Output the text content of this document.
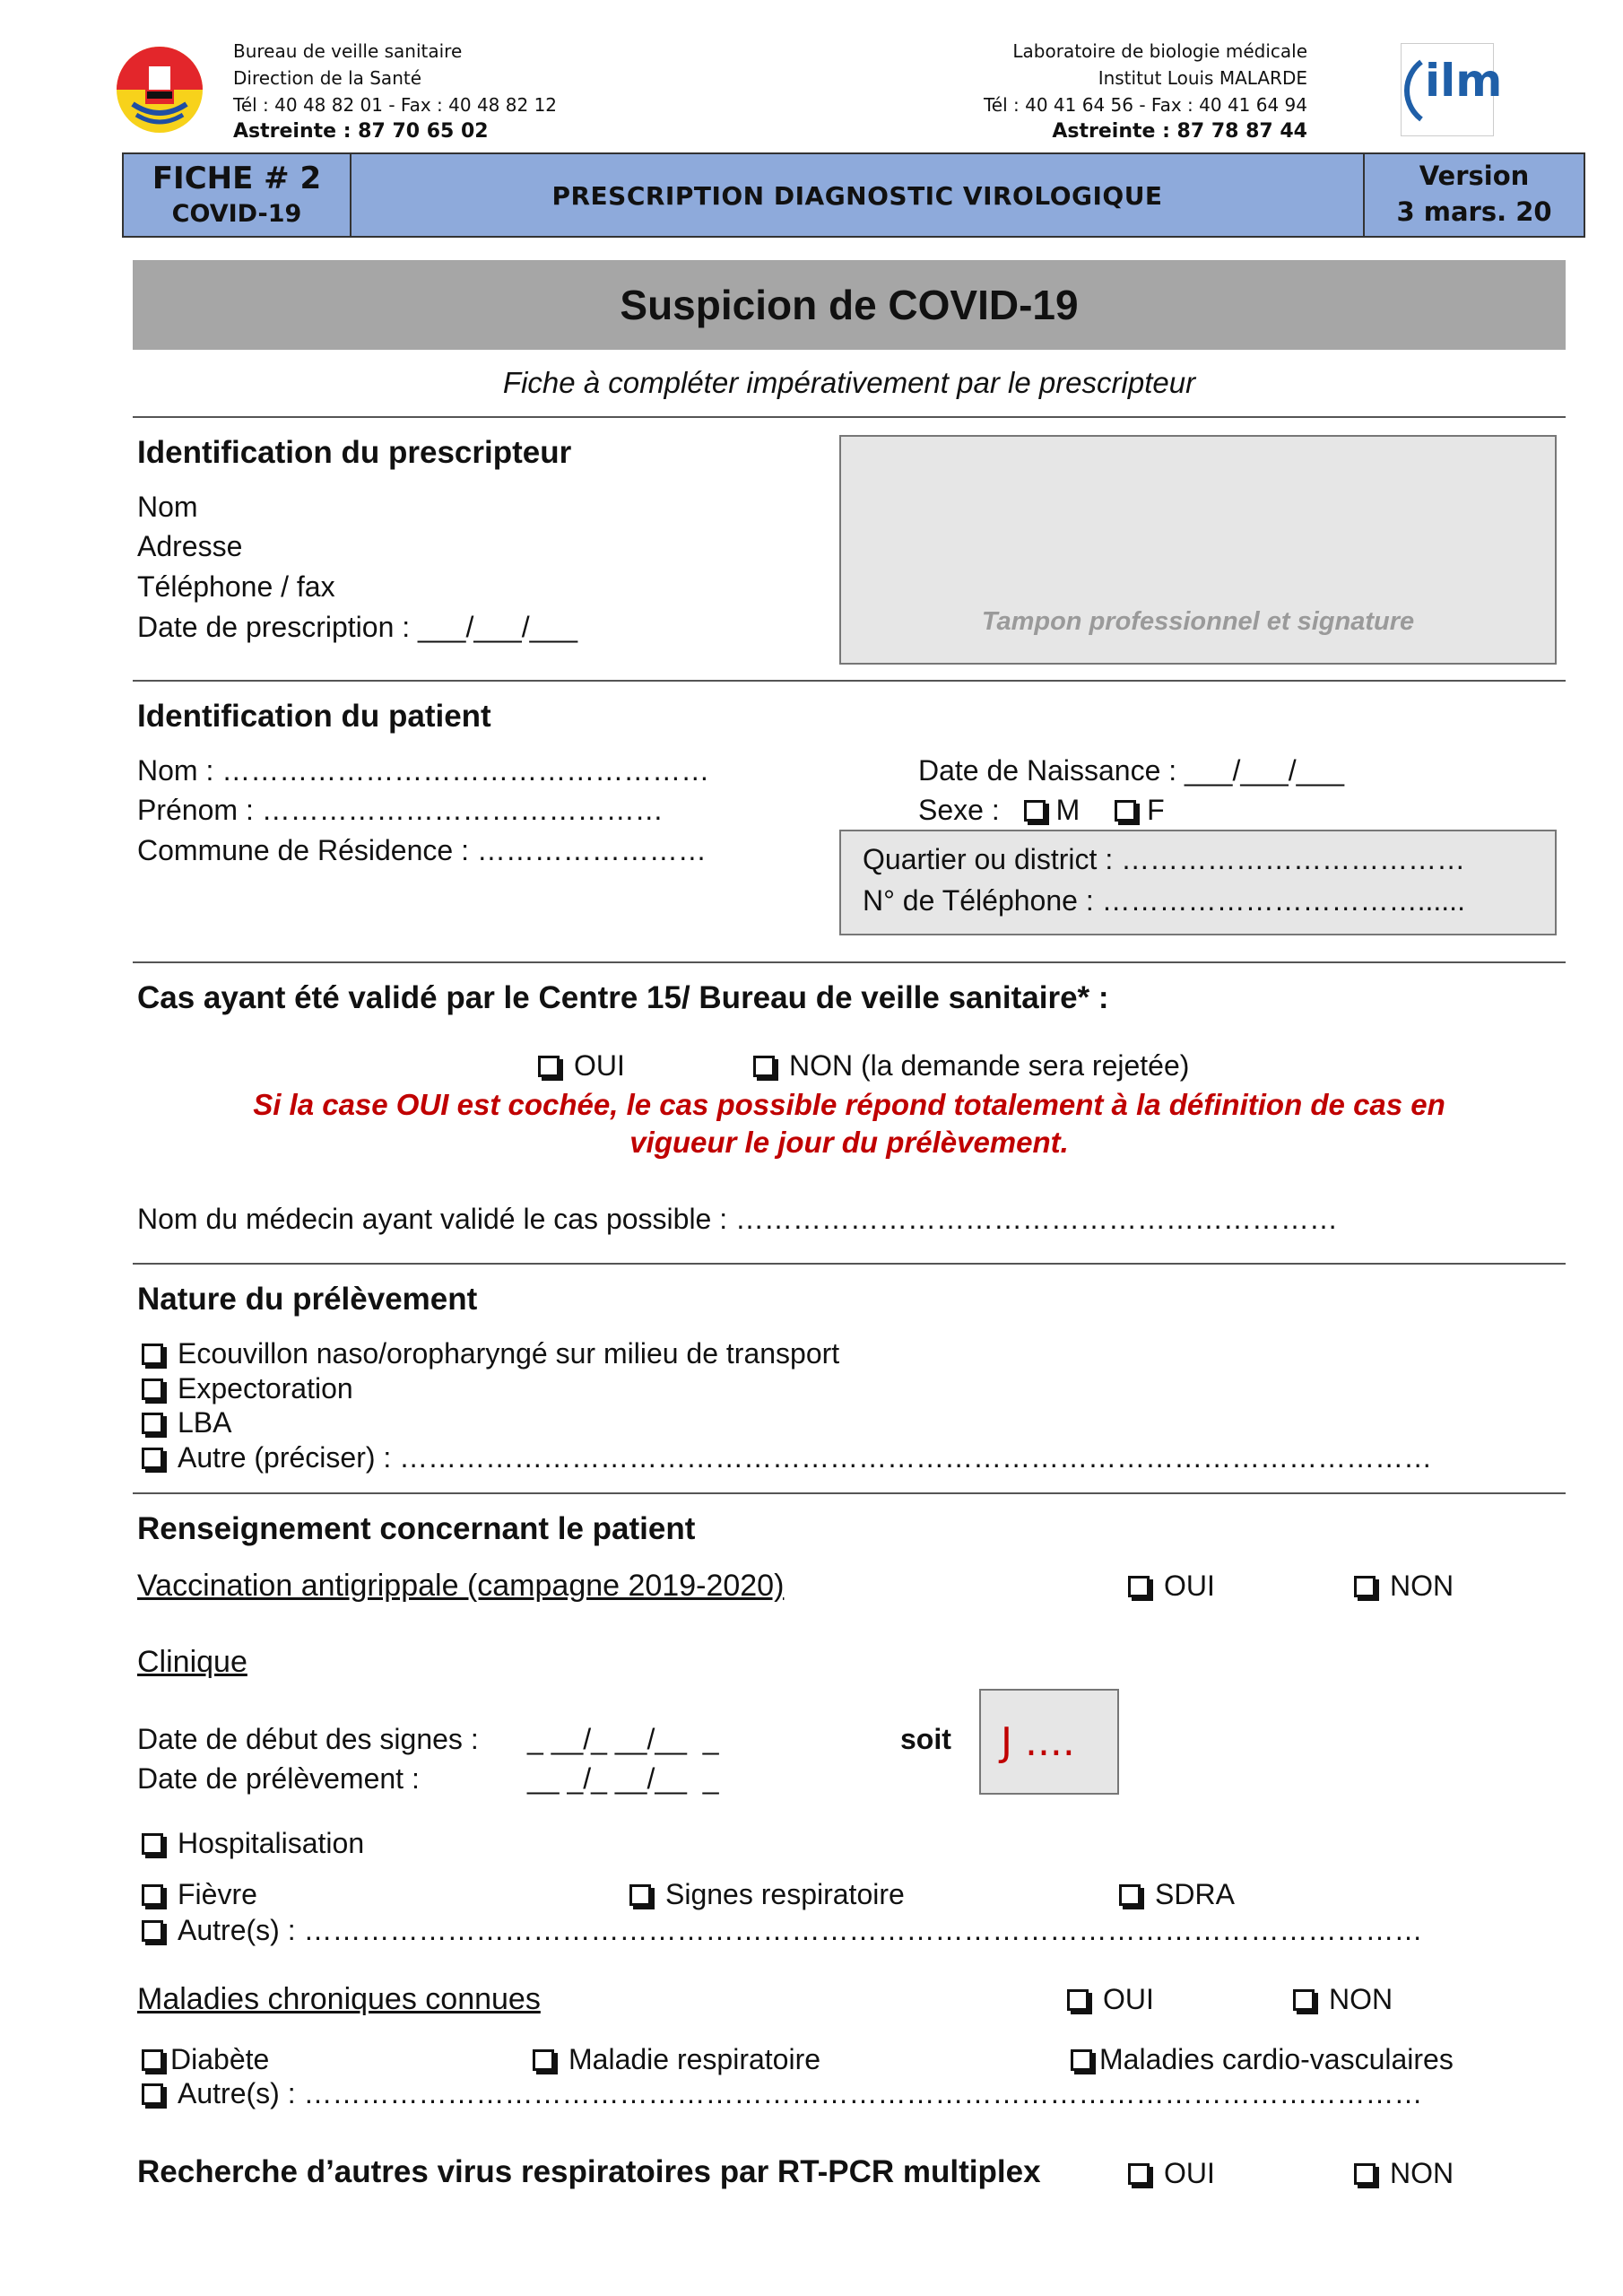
Bureau de veille sanitaire
Direction de la Santé
Tél : 40 48 82 01 - Fax : 40 48 82 12
Astreinte : 87 70 65 02
Laboratoire de biologie médicale
Institut Louis MALARDE
Tél : 40 41 64 56 - Fax : 40 41 64 94
Astreinte : 87 78 87 44
ilm
FICHE # 2
COVID-19
PRESCRIPTION DIAGNOSTIC VIROLOGIQUE
Version
3 mars. 20
Suspicion de COVID-19
Fiche à compléter impérativement par le prescripteur
Identification du prescripteur
Nom
Adresse
Téléphone / fax
Date de prescription : ___/___/___	Tampon professionnel et signature
Identification du patient
Nom : ……………………………………………
Prénom : ……………………………………
Commune de Résidence : ……………………
Date de Naissance : ___/___/___
Sexe : M F
Quartier ou district : ………………………………
N° de Téléphone : ……………………………......
Cas ayant été validé par le Centre 15/ Bureau de veille sanitaire* :
OUI	NON (la demande sera rejetée)
Si la case OUI est cochée, le cas possible répond totalement à la définition de cas en
vigueur le jour du prélèvement.
Nom du médecin ayant validé le cas possible : ………………………………………………………
Nature du prélèvement
Ecouvillon naso/oropharyngé sur milieu de transport
Expectoration
LBA
Autre (préciser) : ………………………………………………………………………………………………
Renseignement concernant le patient
Vaccination antigrippale (campagne 2019-2020)	OUI	NON
Clinique
Date de début des signes : _ __/_ __/__  _
Date de prélèvement :	__ _/_ __/__  _
soit J ....
Hospitalisation
Fièvre	Signes respiratoire	SDRA
Autre(s) : ………………………………………………………………………………………………………
Maladies chroniques connues	OUI	NON
Diabète	Maladie respiratoire	Maladies cardio-vasculaires
Autre(s) : ………………………………………………………………………………………………………
Recherche d’autres virus respiratoires par RT-PCR multiplex	OUI	NON
